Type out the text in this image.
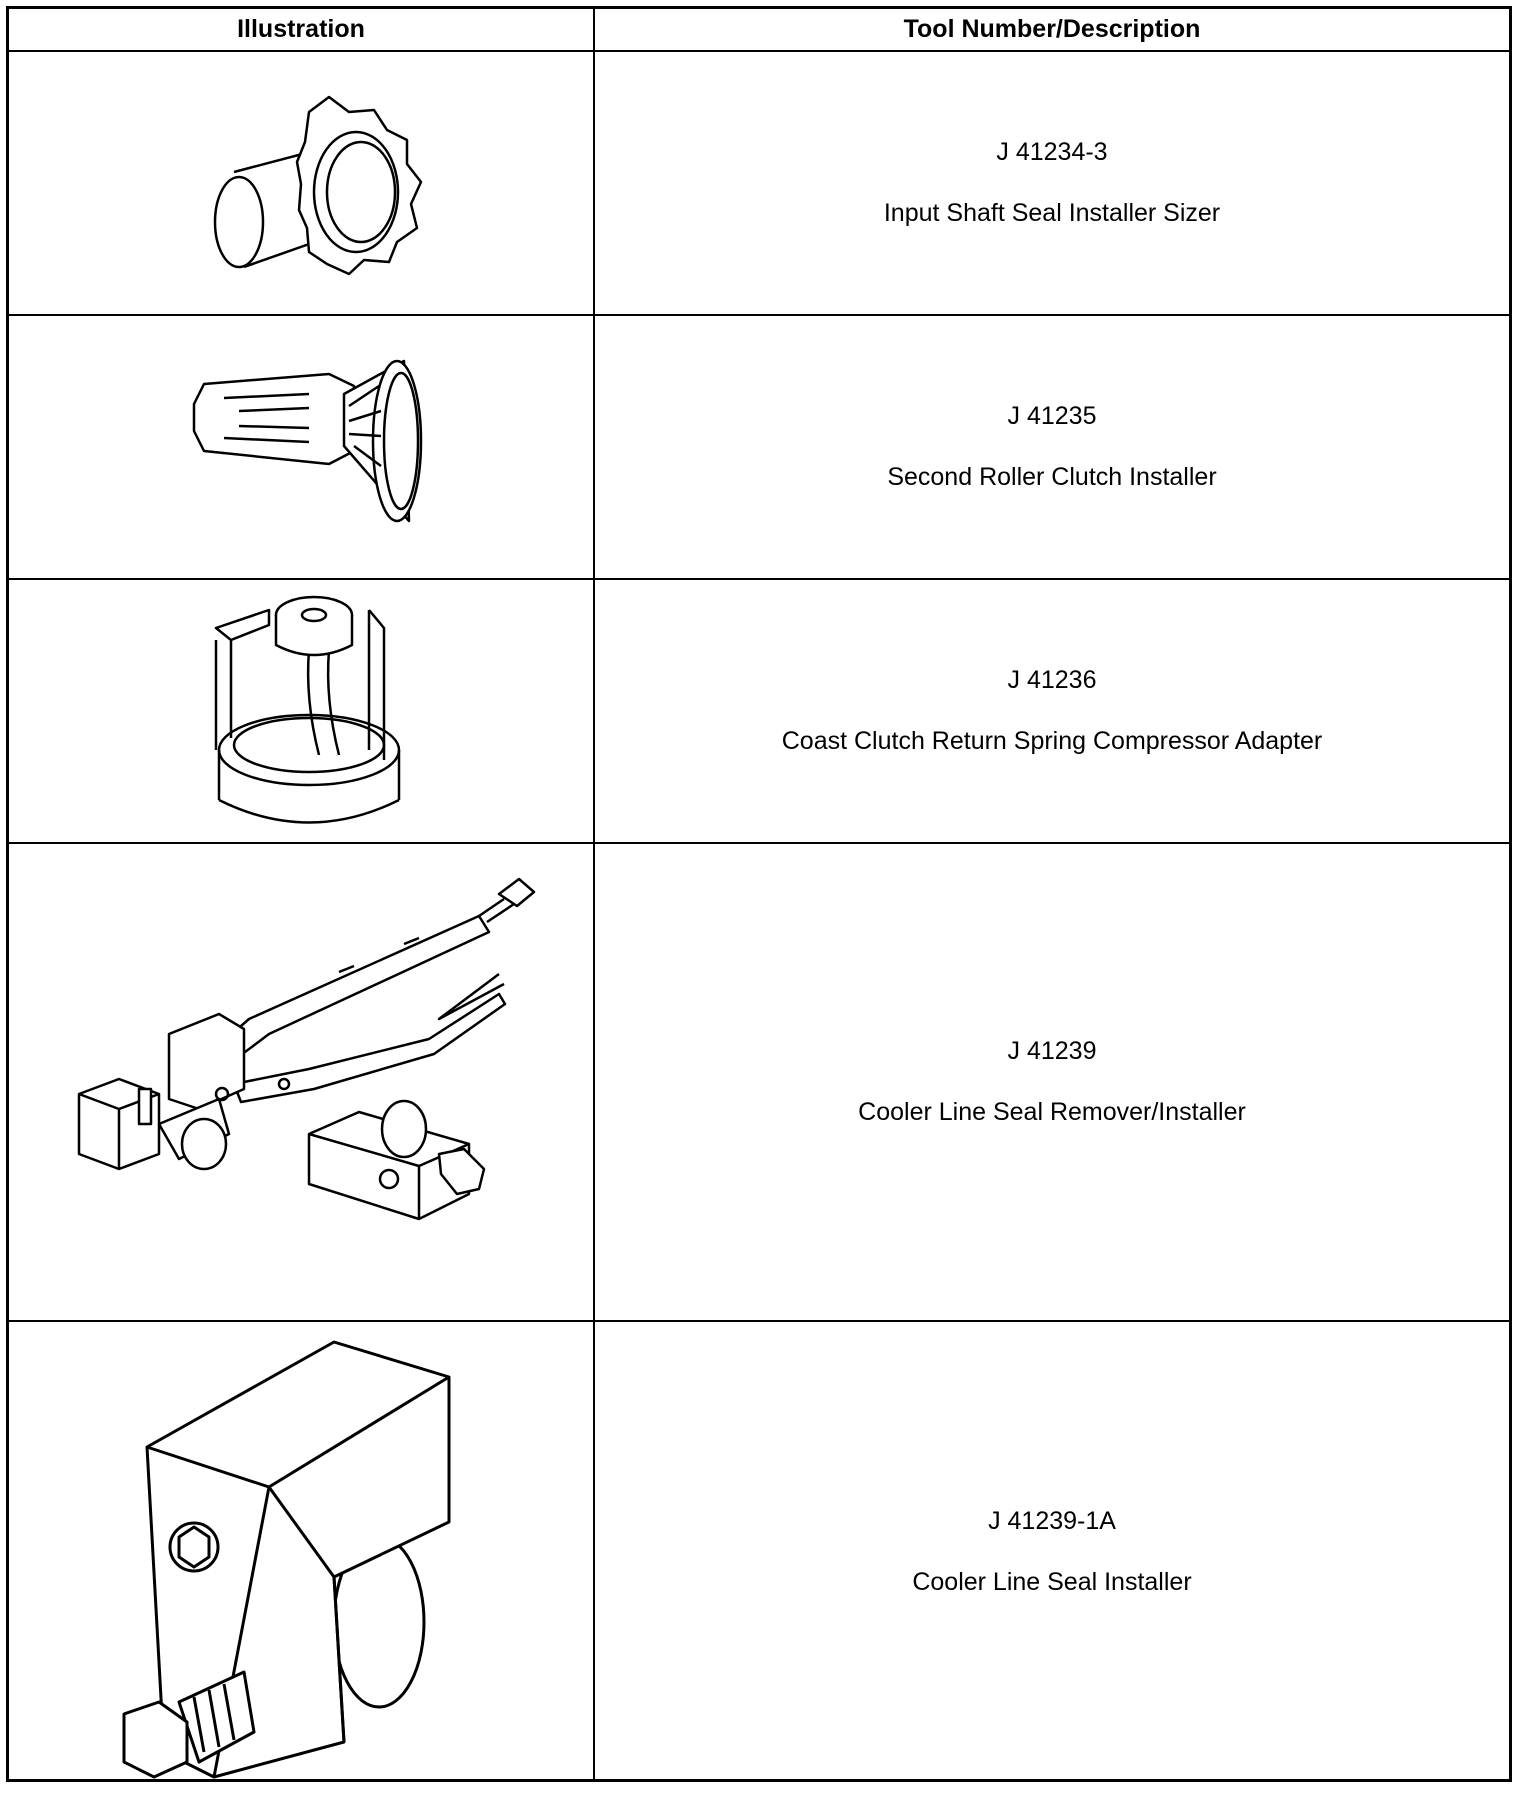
Illustration	Tool Number/Description
J 41234-3
Input Shaft Seal Installer Sizer
J 41235
Second Roller Clutch Installer
J 41236
Coast Clutch Return Spring Compressor Adapter
J 41239
Cooler Line Seal Remover/Installer
J 41239-1A
Cooler Line Seal Installer
